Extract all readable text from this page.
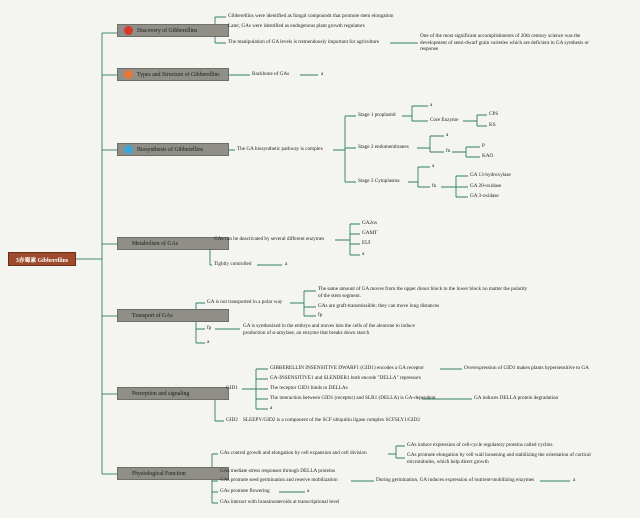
3赤霉素 Gibberellins
Discovery of Gibberellins
Types and Structure of Gibberellins
Biosynthesis of Gibberellins
Metabolism of GAs
Transport of GAs
Perception and signaling
Physiological Function
Gibberellins were identified as fungal compounds that promote stem elongation
Later, GAs were identified as endogenous plant growth regulators
The manipulation of GA levels is tremendously important for agriculture
One of the most significant accomplishments of 20th century science was the development of semi-dwarf grain varieties which are deficient in GA synthesis or response
Backbone of GAs	a
The GA biosynthetic pathway is complex
Stage 1 proplastid
a
Core Enzyme
CPS
KS
Stage 2 endomembranes
a
fn
P
KAO
Stage 3 Cytoplasma
a
fn
GA 13-hydroxylase
GA 20-oxidase
GA 3-oxidase
GAs can be deactivated by several different enzymes
GA2ox
GAMT
EUI
a
Tightly controlled	a
GA is not transported in a polar way
The same amount of GA moves from the upper donor block to the lower block no matter the polarity of the stem segment.
GAs are graft-transmissible; they can move long distances
fp
fp	GA is synthesized in the embryo and moves into the cells of the aleurone to induce production of α-amylase, an enzyme that breaks down starch
a
GID1
GIBBERELLIN INSENSITIVE DWARF1 (GID1) encodes a GA receptor	Overexpression of GID1 makes plants hypersensitive to GA
GA-INSENSITIVE1 and SLENDER1 both encode "DELLA" repressors
The receptor GID1 binds to DELLAs
The interaction between GID1 (receptor) and SLR1 (DELLA) is GA-dependent	GA induces DELLA protein degradation
a
GID2 SLEEPY/GID2 is a component of the SCF ubiquitin ligase complex SCFSLY1/GID2
GAs control growth and elongation by cell expansion and cell division
GAs induce expression of cell-cycle regulatory proteins called cyclins
GAs promote elongation by cell wall loosening and stabilizing the orientation of cortical microtubules, which help direct growth
GAs mediate stress responses through DELLA proteins
GAs promote seed germination and reserve mobilization	During germination, GA induces expression of nutrient-mobilizing enzymes	a
GAs promote flowering	a
GAs interact with brassinosteroids at transcriptional level
